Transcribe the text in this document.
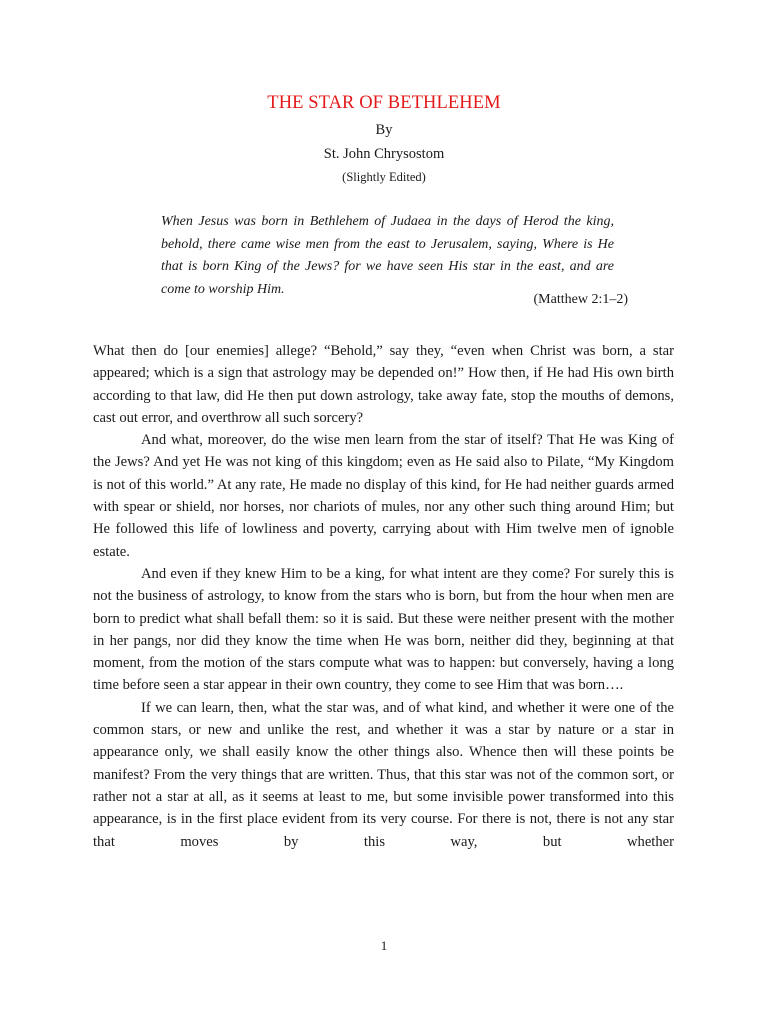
THE STAR OF BETHLEHEM
By
St. John Chrysostom
(Slightly Edited)
When Jesus was born in Bethlehem of Judaea in the days of Herod the king, behold, there came wise men from the east to Jerusalem, saying, Where is He that is born King of the Jews? for we have seen His star in the east, and are come to worship Him.
(Matthew 2:1–2)

What then do [our enemies] allege? “Behold,” say they, “even when Christ was born, a star appeared; which is a sign that astrology may be depended on!” How then, if He had His own birth according to that law, did He then put down astrology, take away fate, stop the mouths of demons, cast out error, and overthrow all such sorcery?

And what, moreover, do the wise men learn from the star of itself? That He was King of the Jews? And yet He was not king of this kingdom; even as He said also to Pilate, “My Kingdom is not of this world.” At any rate, He made no display of this kind, for He had neither guards armed with spear or shield, nor horses, nor chariots of mules, nor any other such thing around Him; but He followed this life of lowliness and poverty, carrying about with Him twelve men of ignoble estate.

And even if they knew Him to be a king, for what intent are they come? For surely this is not the business of astrology, to know from the stars who is born, but from the hour when men are born to predict what shall befall them: so it is said. But these were neither present with the mother in her pangs, nor did they know the time when He was born, neither did they, beginning at that moment, from the motion of the stars compute what was to happen: but conversely, having a long time before seen a star appear in their own country, they come to see Him that was born….

If we can learn, then, what the star was, and of what kind, and whether it were one of the common stars, or new and unlike the rest, and whether it was a star by nature or a star in appearance only, we shall easily know the other things also. Whence then will these points be manifest? From the very things that are written. Thus, that this star was not of the common sort, or rather not a star at all, as it seems at least to me, but some invisible power transformed into this appearance, is in the first place evident from its very course. For there is not, there is not any star that moves by this way, but whether

1
